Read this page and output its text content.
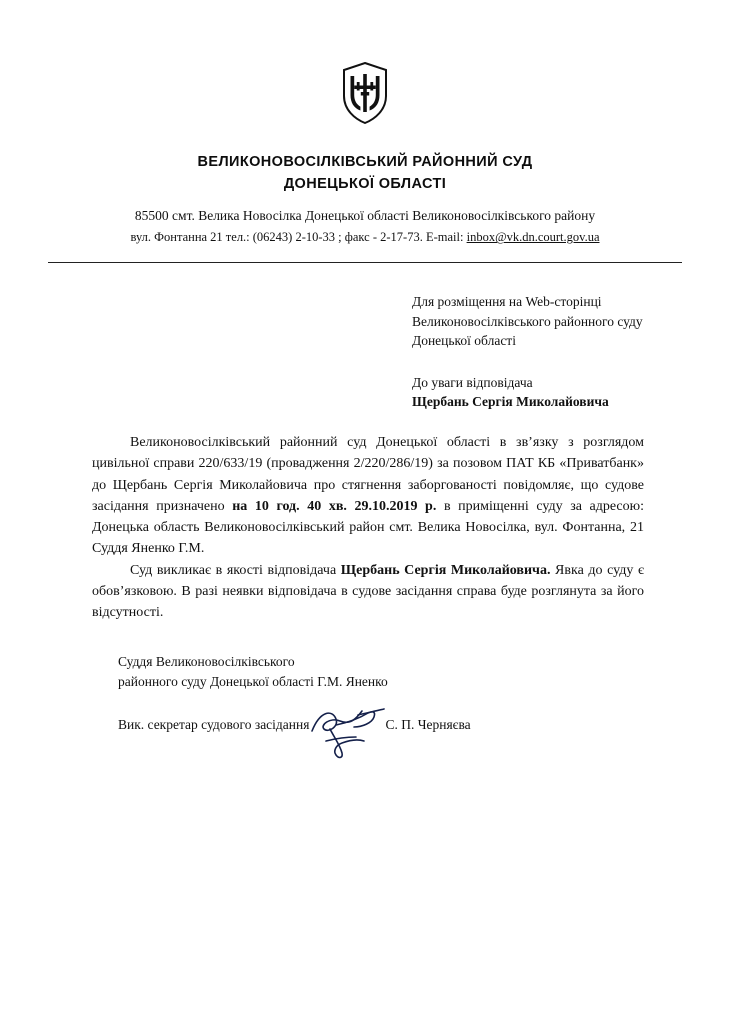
ВЕЛИКОНОВОСІЛКІВСЬКИЙ РАЙОННИЙ СУД
ДОНЕЦЬКОЇ ОБЛАСТІ
85500 смт. Велика Новосілка Донецької області Великоновосілківського району
вул. Фонтанна 21 тел.: (06243) 2-10-33 ; факс - 2-17-73. E-mail: inbox@vk.dn.court.gov.ua
Для розміщення на Web-сторінці
Великоновосілківського районного суду
Донецької області
До уваги відповідача
Щербань Сергія Миколайовича

Великоновосілківський районний суд Донецької області в зв’язку з розглядом цивільної справи 220/633/19 (провадження 2/220/286/19) за позовом ПАТ КБ «Приватбанк» до Щербань Сергія Миколайовича про стягнення заборгованості повідомляє, що судове засідання призначено на 10 год. 40 хв. 29.10.2019 р. в приміщенні суду за адресою: Донецька область Великоновосілківський район смт. Велика Новосілка, вул. Фонтанна, 21 Суддя Яненко Г.М.

Суд викликає в якості відповідача Щербань Сергія Миколайовича. Явка до суду є обов’язковою. В разі неявки відповідача в судове засідання справа буде розглянута за його відсутності.

Суддя Великоновосілківського
районного суду Донецької області Г.М. Яненко
Вик. секретар судового засідання	С. П. Черняєва
